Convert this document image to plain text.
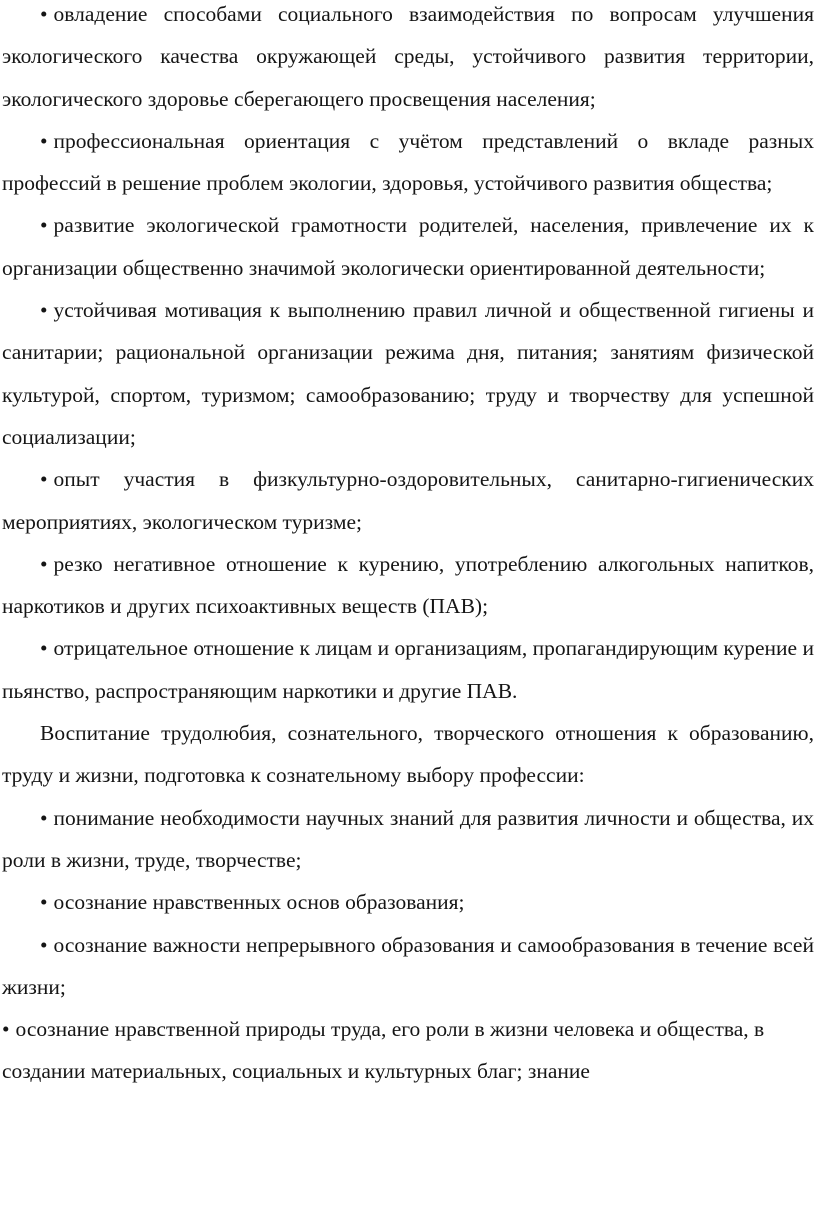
• овладение способами социального взаимодействия по вопросам улучшения экологического качества окружающей среды, устойчивого развития территории, экологического здоровье сберегающего просвещения населения;

• профессиональная ориентация с учётом представлений о вкладе разных профессий в решение проблем экологии, здоровья, устойчивого развития общества;

• развитие экологической грамотности родителей, населения, привлечение их к организации общественно значимой экологически ориентированной деятельности;

• устойчивая мотивация к выполнению правил личной и общественной гигиены и санитарии; рациональной организации режима дня, питания; занятиям физической культурой, спортом, туризмом; самообразованию; труду и творчеству для успешной социализации;

• опыт участия в физкультурно-оздоровительных, санитарно-гигиенических мероприятиях, экологическом туризме;

• резко негативное отношение к курению, употреблению алкогольных напитков, наркотиков и других психоактивных веществ (ПАВ);

• отрицательное отношение к лицам и организациям, пропагандирующим курение и пьянство, распространяющим наркотики и другие ПАВ.

Воспитание трудолюбия, сознательного, творческого отношения к образованию, труду и жизни, подготовка к сознательному выбору профессии:

• понимание необходимости научных знаний для развития личности и общества, их роли в жизни, труде, творчестве;

• осознание нравственных основ образования;

• осознание важности непрерывного образования и самообразования в течение всей жизни;

• осознание нравственной природы труда, его роли в жизни человека и общества, в создании материальных, социальных и культурных благ; знание
